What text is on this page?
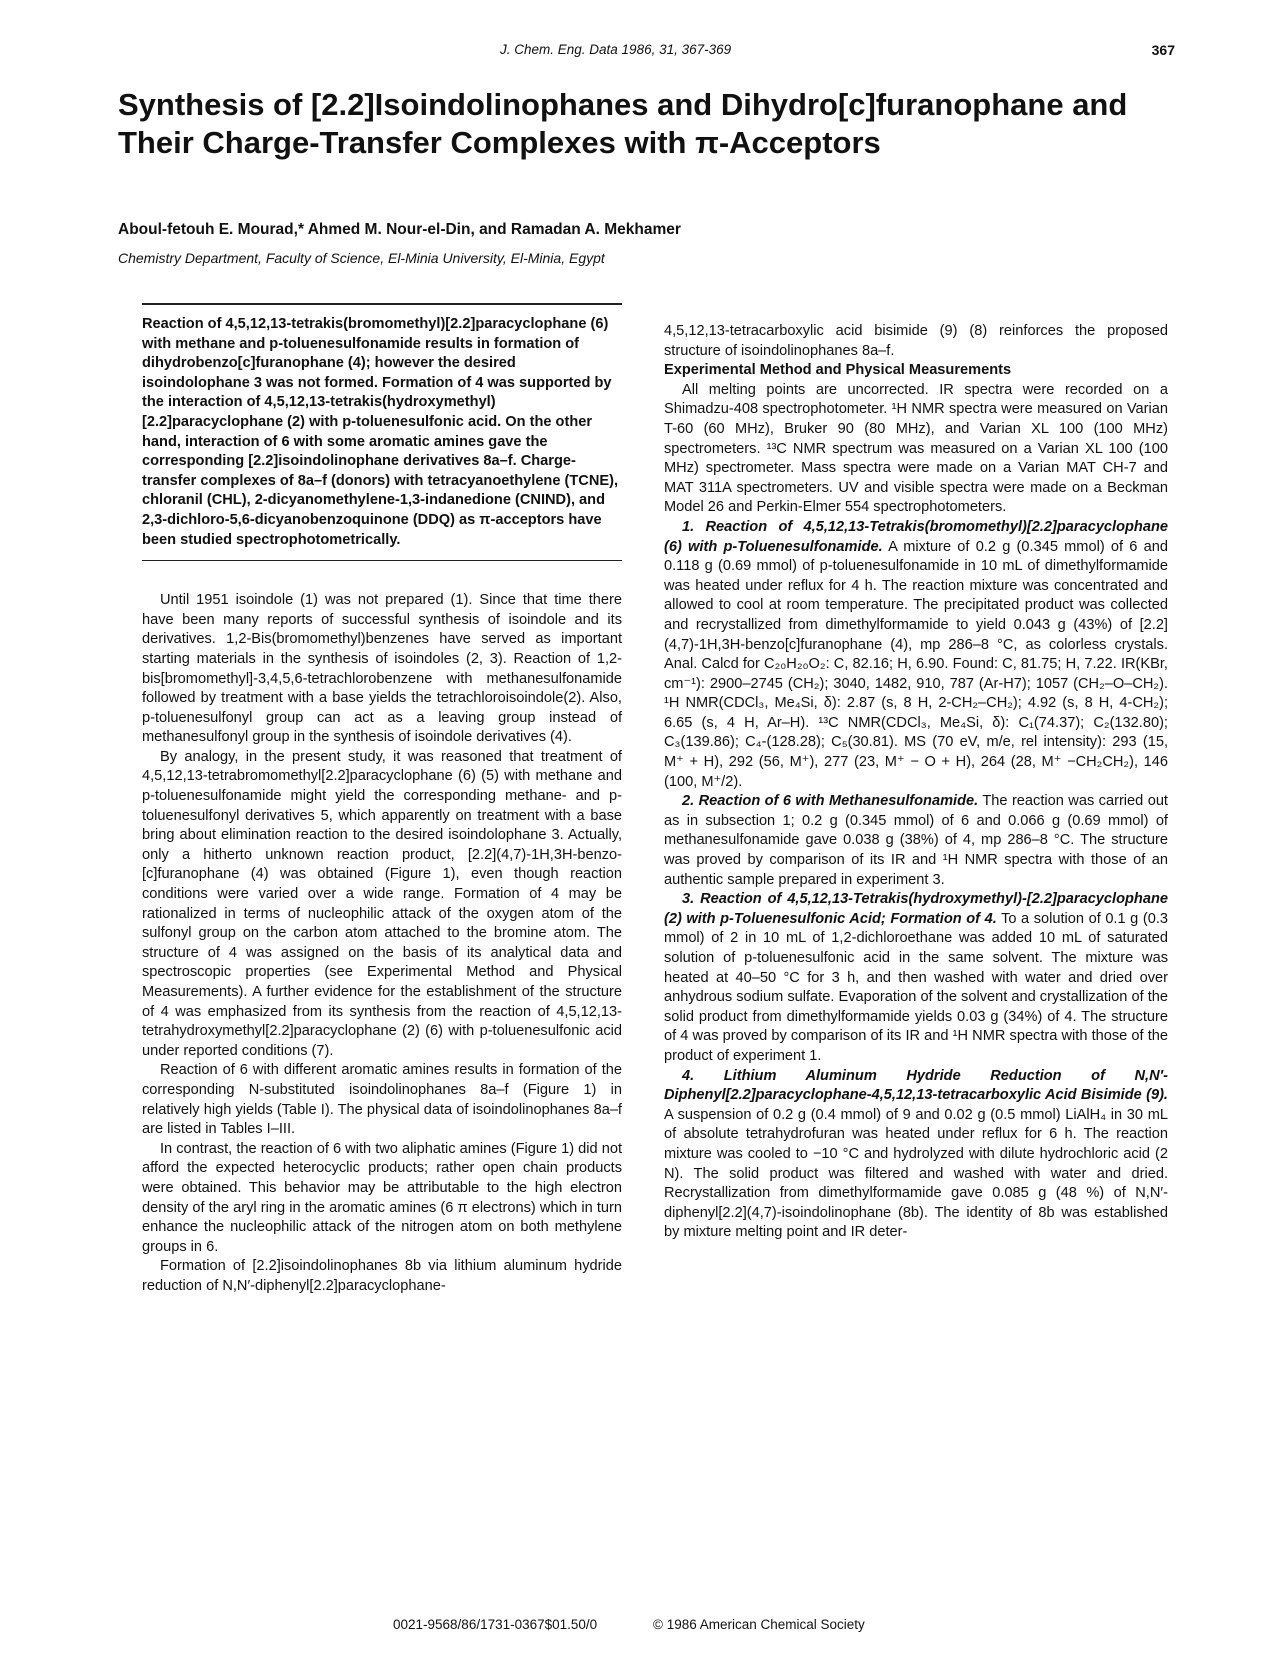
J. Chem. Eng. Data 1986, 31, 367-369	367
Synthesis of [2.2]Isoindolinophanes and Dihydro[c]furanophane and Their Charge-Transfer Complexes with π-Acceptors
Aboul-fetouh E. Mourad,* Ahmed M. Nour-el-Din, and Ramadan A. Mekhamer
Chemistry Department, Faculty of Science, El-Minia University, El-Minia, Egypt

Reaction of 4,5,12,13-tetrakis(bromomethyl)[2.2]paracyclophane (6) with methane and p-toluenesulfonamide results in formation of dihydrobenzo[c]furanophane (4); however the desired isoindolophane 3 was not formed. Formation of 4 was supported by the interaction of 4,5,12,13-tetrakis(hydroxymethyl)[2.2]paracyclophane (2) with p-toluenesulfonic acid. On the other hand, interaction of 6 with some aromatic amines gave the corresponding [2.2]isoindolinophane derivatives 8a–f. Charge-transfer complexes of 8a–f (donors) with tetracyanoethylene (TCNE), chloranil (CHL), 2-dicyanomethylene-1,3-indanedione (CNIND), and 2,3-dichloro-5,6-dicyanobenzoquinone (DDQ) as π-acceptors have been studied spectrophotometrically.

Until 1951 isoindole (1) was not prepared (1). Since that time there have been many reports of successful synthesis of isoindole and its derivatives. 1,2-Bis(bromomethyl)benzenes have served as important starting materials in the synthesis of isoindoles (2, 3). Reaction of 1,2-bis[bromomethyl]-3,4,5,6-tetrachlorobenzene with methanesulfonamide followed by treatment with a base yields the tetrachloroisoindole(2). Also, p-toluenesulfonyl group can act as a leaving group instead of methanesulfonyl group in the synthesis of isoindole derivatives (4).

By analogy, in the present study, it was reasoned that treatment of 4,5,12,13-tetrabromomethyl[2.2]paracyclophane (6) (5) with methane and p-toluenesulfonamide might yield the corresponding methane- and p-toluenesulfonyl derivatives 5, which apparently on treatment with a base bring about elimination reaction to the desired isoindolophane 3. Actually, only a hitherto unknown reaction product, [2.2](4,7)-1H,3H-benzo-[c]furanophane (4) was obtained (Figure 1), even though reaction conditions were varied over a wide range. Formation of 4 may be rationalized in terms of nucleophilic attack of the oxygen atom of the sulfonyl group on the carbon atom attached to the bromine atom. The structure of 4 was assigned on the basis of its analytical data and spectroscopic properties (see Experimental Method and Physical Measurements). A further evidence for the establishment of the structure of 4 was emphasized from its synthesis from the reaction of 4,5,12,13-tetrahydroxymethyl[2.2]paracyclophane (2) (6) with p-toluenesulfonic acid under reported conditions (7).

Reaction of 6 with different aromatic amines results in formation of the corresponding N-substituted isoindolinophanes 8a–f (Figure 1) in relatively high yields (Table I). The physical data of isoindolinophanes 8a–f are listed in Tables I–III.

In contrast, the reaction of 6 with two aliphatic amines (Figure 1) did not afford the expected heterocyclic products; rather open chain products were obtained. This behavior may be attributable to the high electron density of the aryl ring in the aromatic amines (6 π electrons) which in turn enhance the nucleophilic attack of the nitrogen atom on both methylene groups in 6.

Formation of [2.2]isoindolinophanes 8b via lithium aluminum hydride reduction of N,N′-diphenyl[2.2]paracyclophane-

4,5,12,13-tetracarboxylic acid bisimide (9) (8) reinforces the proposed structure of isoindolinophanes 8a–f.

Experimental Method and Physical Measurements

All melting points are uncorrected. IR spectra were recorded on a Shimadzu-408 spectrophotometer. ¹H NMR spectra were measured on Varian T-60 (60 MHz), Bruker 90 (80 MHz), and Varian XL 100 (100 MHz) spectrometers. ¹³C NMR spectrum was measured on a Varian XL 100 (100 MHz) spectrometer. Mass spectra were made on a Varian MAT CH-7 and MAT 311A spectrometers. UV and visible spectra were made on a Beckman Model 26 and Perkin-Elmer 554 spectrophotometers.

1. Reaction of 4,5,12,13-Tetrakis(bromomethyl)[2.2]paracyclophane (6) with p-Toluenesulfonamide. A mixture of 0.2 g (0.345 mmol) of 6 and 0.118 g (0.69 mmol) of p-toluenesulfonamide in 10 mL of dimethylformamide was heated under reflux for 4 h. The reaction mixture was concentrated and allowed to cool at room temperature. The precipitated product was collected and recrystallized from dimethylformamide to yield 0.043 g (43%) of [2.2](4,7)-1H,3H-benzo[c]furanophane (4), mp 286–8 °C, as colorless crystals. Anal. Calcd for C₂₀H₂₀O₂: C, 82.16; H, 6.90. Found: C, 81.75; H, 7.22. IR(KBr, cm⁻¹): 2900–2745 (CH₂); 3040, 1482, 910, 787 (Ar-H7); 1057 (CH₂–O–CH₂). ¹H NMR(CDCl₃, Me₄Si, δ): 2.87 (s, 8 H, 2-CH₂–CH₂); 4.92 (s, 8 H, 4-CH₂); 6.65 (s, 4 H, Ar–H). ¹³C NMR(CDCl₃, Me₄Si, δ): C₁(74.37); C₂(132.80); C₃(139.86); C₄-(128.28); C₅(30.81). MS (70 eV, m/e, rel intensity): 293 (15, M⁺ + H), 292 (56, M⁺), 277 (23, M⁺ − O + H), 264 (28, M⁺ −CH₂CH₂), 146 (100, M⁺/2).

2. Reaction of 6 with Methanesulfonamide. The reaction was carried out as in subsection 1; 0.2 g (0.345 mmol) of 6 and 0.066 g (0.69 mmol) of methanesulfonamide gave 0.038 g (38%) of 4, mp 286–8 °C. The structure was proved by comparison of its IR and ¹H NMR spectra with those of an authentic sample prepared in experiment 3.

3. Reaction of 4,5,12,13-Tetrakis(hydroxymethyl)-[2.2]paracyclophane (2) with p-Toluenesulfonic Acid; Formation of 4. To a solution of 0.1 g (0.3 mmol) of 2 in 10 mL of 1,2-dichloroethane was added 10 mL of saturated solution of p-toluenesulfonic acid in the same solvent. The mixture was heated at 40–50 °C for 3 h, and then washed with water and dried over anhydrous sodium sulfate. Evaporation of the solvent and crystallization of the solid product from dimethylformamide yields 0.03 g (34%) of 4. The structure of 4 was proved by comparison of its IR and ¹H NMR spectra with those of the product of experiment 1.

4. Lithium Aluminum Hydride Reduction of N,N′-Diphenyl[2.2]paracyclophane-4,5,12,13-tetracarboxylic Acid Bisimide (9). A suspension of 0.2 g (0.4 mmol) of 9 and 0.02 g (0.5 mmol) LiAlH₄ in 30 mL of absolute tetrahydrofuran was heated under reflux for 6 h. The reaction mixture was cooled to −10 °C and hydrolyzed with dilute hydrochloric acid (2 N). The solid product was filtered and washed with water and dried. Recrystallization from dimethylformamide gave 0.085 g (48 %) of N,N′-diphenyl[2.2](4,7)-isoindolinophane (8b). The identity of 8b was established by mixture melting point and IR deter-

0021-9568/86/1731-0367$01.50/0	© 1986 American Chemical Society
